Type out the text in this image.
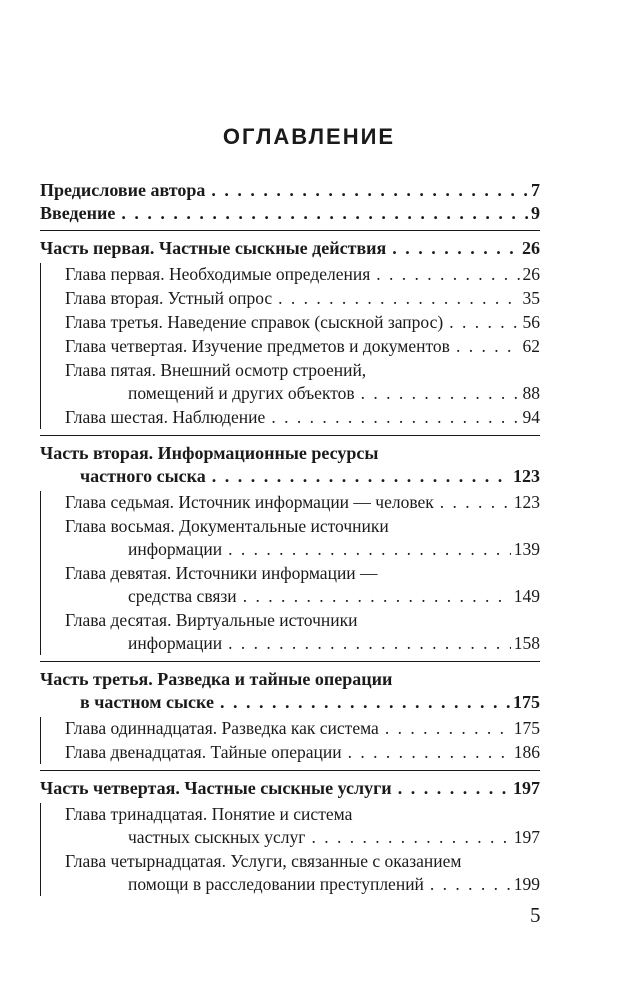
ОГЛАВЛЕНИЕ
Предисловие автора . . .	7
Введение . . .	9
Часть первая. Частные сыскные действия . . .	26
Глава первая. Необходимые определения . . .	26
Глава вторая. Устный опрос . . .	35
Глава третья. Наведение справок (сыскной запрос) . . .	56
Глава четвертая. Изучение предметов и документов . . .	62
Глава пятая. Внешний осмотр строений,
помещений и других объектов . . .	88
Глава шестая. Наблюдение . . .	94
Часть вторая. Информационные ресурсы
частного сыска . . .	123
Глава седьмая. Источник информации — человек . . .	123
Глава восьмая. Документальные источники
информации . . .	139
Глава девятая. Источники информации —
средства связи . . .	149
Глава десятая. Виртуальные источники
информации . . .	158
Часть третья. Разведка и тайные операции
в частном сыске . . .	175
Глава одиннадцатая. Разведка как система . . .	175
Глава двенадцатая. Тайные операции . . .	186
Часть четвертая. Частные сыскные услуги . . .	197
Глава тринадцатая. Понятие и система
частных сыскных услуг . . .	197
Глава четырнадцатая. Услуги, связанные с оказанием
помощи в расследовании преступлений . . .	199
5
